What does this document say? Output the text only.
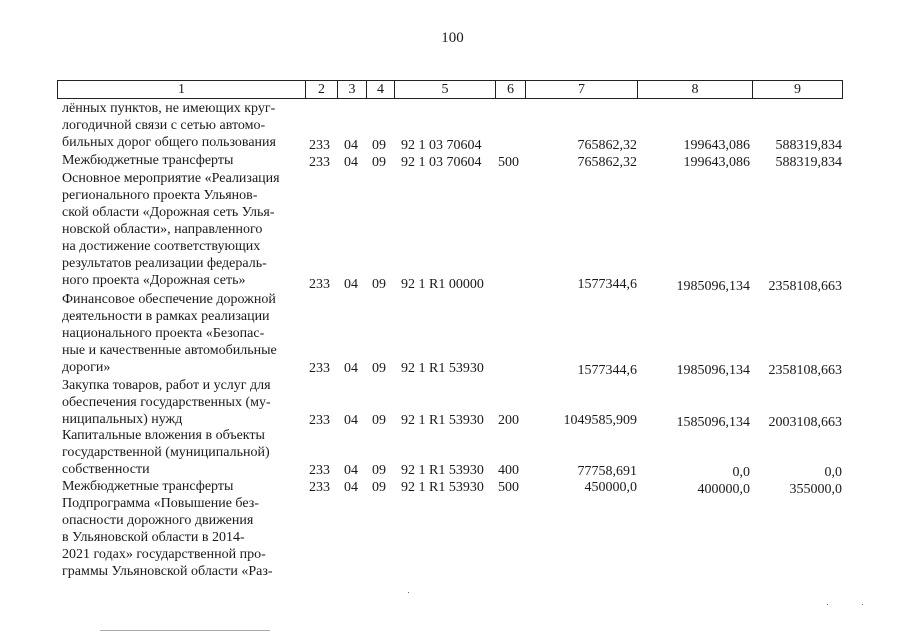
100
1	2	3	4	5	6	7	8	9
лённых пунктов, не имеющих круг-
логодичной связи с сетью автомо-
бильных дорог общего пользования	233 04 09 92 1 03 70604	765862,32	199643,086 588319,834
Межбюджетные трансферты	233 04 09 92 1 03 70604 500	765862,32	199643,086 588319,834
Основное мероприятие «Реализация
регионального проекта Ульянов-
ской области «Дорожная сеть Улья-
новской области», направленного
на достижение соответствующих
результатов реализации федераль-
ного проекта «Дорожная сеть»	233 04 09 92 1 R1 00000	1577344,6	1985096,134 2358108,663
Финансовое обеспечение дорожной
деятельности в рамках реализации
национального проекта «Безопас-
ные и качественные автомобильные
дороги»	233 04 09 92 1 R1 53930	1577344,6	1985096,134 2358108,663
Закупка товаров, работ и услуг для
обеспечения государственных (му-
ниципальных) нужд	233 04 09 92 1 R1 53930 200	1049585,909	1585096,134 2003108,663
Капитальные вложения в объекты
государственной (муниципальной)
собственности	233 04 09 92 1 R1 53930 400	77758,691	0,0	0,0
Межбюджетные трансферты	233 04 09 92 1 R1 53930 500	450000,0	400000,0	355000,0
Подпрограмма «Повышение без-
опасности дорожного движения
в Ульяновской области в 2014-
2021 годах» государственной про-
граммы Ульяновской области «Раз-
